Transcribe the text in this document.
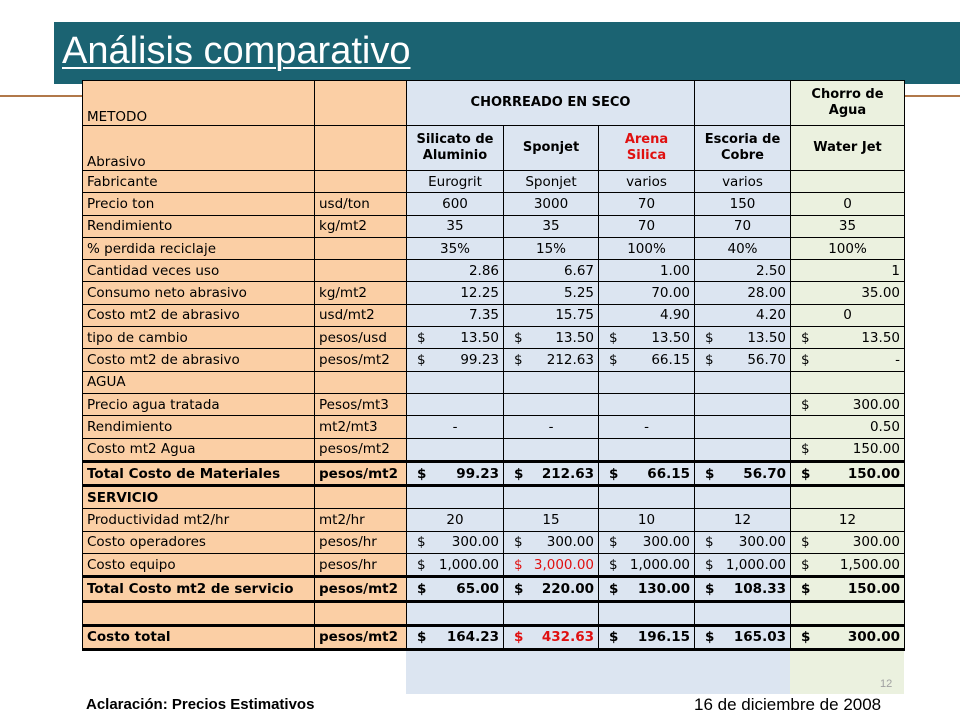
Análisis comparativo
12
METODO		CHORREADO EN SECO				Chorro de Agua
Abrasivo		Silicato de Aluminio	Sponjet	Arena Silica	Escoria de Cobre	Water Jet
Fabricante		Eurogrit	Sponjet	varios	varios	
Precio ton	usd/ton	600	3000	70	150	0
Rendimiento	kg/mt2	35	35	70	70	35
% perdida reciclaje		35%	15%	100%	40%	100%
Cantidad veces uso		2.86	6.67	1.00	2.50	1
Consumo neto abrasivo	kg/mt2	12.25	5.25	70.00	28.00	35.00
Costo mt2 de abrasivo	usd/mt2	7.35	15.75	4.90	4.20	0
tipo de cambio	pesos/usd	$ 13.50	$ 13.50	$ 13.50	$ 13.50	$ 13.50

Costo mt2 de abrasivo	pesos/mt2	$ 99.23	$ 212.63	$ 66.15	$ 56.70	$ -

AGUA						
Precio agua tratada	Pesos/mt3					$ 300.00

Rendimiento	mt2/mt3	-	-	-		0.50
Costo mt2 Agua	pesos/mt2					$ 150.00

Total Costo de Materiales	pesos/mt2	$ 99.23	$ 212.63	$ 66.15	$ 56.70	$ 150.00

SERVICIO						
Productividad mt2/hr	mt2/hr	20	15	10	12	12
Costo operadores	pesos/hr	$ 300.00	$ 300.00	$ 300.00	$ 300.00	$ 300.00

Costo equipo	pesos/hr	$ 1,000.00	$ 3,000.00	$ 1,000.00	$ 1,000.00	$ 1,500.00

Total Costo mt2 de servicio	pesos/mt2	$ 65.00	$ 220.00	$ 130.00	$ 108.33	$ 150.00

Costo total	pesos/mt2	$ 164.23	$ 432.63	$ 196.15	$ 165.03	$ 300.00
Aclaración: Precios Estimativos	16 de diciembre de 2008
